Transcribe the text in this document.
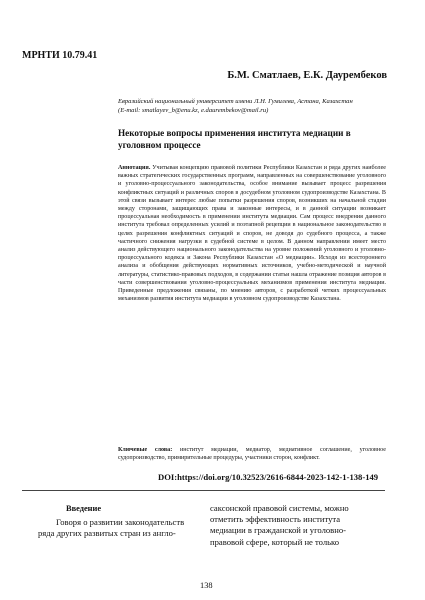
МРНТИ 10.79.41
Б.М. Сматлаев, Е.К. Даурембеков
Евразийский национальный университет имени Л.Н. Гумилева, Астана, Казахстан
(E-mail: smatlayev_b@enu.kz, e.daurembekov@mail.ru)
Некоторые вопросы применения института медиации в уголовном процессе
Аннотация. Учитывая концепцию правовой политики Республики Казахстан и ряда других наиболее важных стратегических государственных программ, направленных на совершенствование уголовного и уголовно-процессуального законодательства, особое внимание вызывает процесс разрешения конфликтных ситуаций и различных споров в досудебном уголовном судопроизводстве Казахстана. В этой связи вызывает интерес любые попытки разрешения споров, возникших на начальной стадии между сторонами, защищающих права и законные интересы, и в данной ситуации возникает процессуальная необходимость в применении института медиации. Сам процесс внедрения данного института требовал определенных усилий и поэтапной рецепции в национальное законодательство в целях разрешения конфликтных ситуаций и споров, не доводя до судебного процесса, а также частичного снижения нагрузки в судебной системе в целом. В данном направлении имеет место анализ действующего национального законодательства на уровне положений уголовного и уголовно-процессуального кодекса и Закона Республики Казахстан «О медиации». Исходя из всестороннего анализа и обобщения действующих нормативных источников, учебно-методической и научной литературы, статистико-правовых подходов, в содержании статьи нашла отражение позиция авторов в части совершенствования уголовно-процессуальных механизмов применения института медиации. Приведенные предложения связаны, по мнению авторов, с разработкой четких процессуальных механизмов развития института медиации в уголовном судопроизводстве Казахстана.
Ключевые слова: институт медиации, медиатор, медиативное соглашение, уголовное судопроизводство, примирительные процедуры, участники сторон, конфликт.
DOI:https://doi.org/10.32523/2616-6844-2023-142-1-138-149
Введение
Говоря о развитии законодательств
ряда других развитых стран из англо-
саксонской правовой системы, можно
отметить эффективность института
медиации в гражданской и уголовно-
правовой сфере, который не только
138
